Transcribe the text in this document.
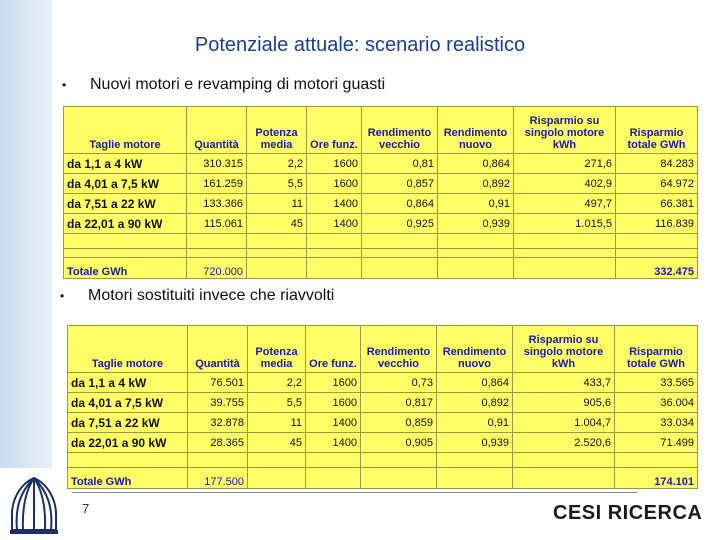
Potenziale attuale: scenario realistico
• Nuovi motori e revamping di motori guasti
Taglie motore	Quantità	Potenza media	Ore funz.	Rendimento vecchio	Rendimento nuovo	Risparmio su singolo motore kWh	Risparmio totale GWh
da 1,1 a 4 kW	310.315	2,2	1600	0,81	0,864	271,6	84.283
da 4,01 a 7,5 kW	161.259	5,5	1600	0,857	0,892	402,9	64.972
da 7,51 a 22 kW	133.366	11	1400	0,864	0,91	497,7	66.381
da 22,01 a 90 kW	115.061	45	1400	0,925	0,939	1.015,5	116.839

Totale GWh	720.000						332.475
• Motori sostituiti invece che riavvolti
Taglie motore	Quantità	Potenza media	Ore funz.	Rendimento vecchio	Rendimento nuovo	Risparmio su singolo motore kWh	Risparmio totale GWh
da 1,1 a 4 kW	76.501	2,2	1600	0,73	0,864	433,7	33.565
da 4,01 a 7,5 kW	39.755	5,5	1600	0,817	0,892	905,6	36.004
da 7,51 a 22 kW	32.878	11	1400	0,859	0,91	1.004,7	33.034
da 22,01 a 90 kW	28.365	45	1400	0,905	0,939	2.520,6	71.499

Totale GWh	177.500						174.101
7	CESI RICERCA
